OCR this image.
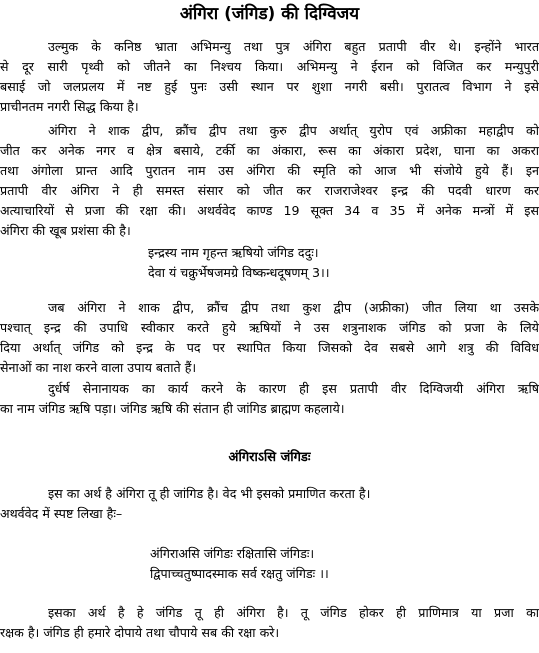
अंगिरा (जंगिड) की दिग्विजय
उल्मुक के कनिष्ठ भ्राता अभिमन्यु तथा पुत्र अंगिरा बहुत प्रतापी वीर थे। इन्होंने भारत
से दूर सारी पृथ्वी को जीतने का निश्चय किया। अभिमन्यु ने ईरान को विजित कर मन्युपुरी
बसाई जो जलप्रलय में नष्ट हुई पुनः उसी स्थान पर शुशा नगरी बसी। पुरातत्व विभाग ने इसे
प्राचीनतम नगरी सिद्ध किया है।
अंगिरा ने शाक द्वीप, क्रौंच द्वीप तथा कुरु द्वीप अर्थात् युरोप एवं अफ्रीका महाद्वीप को
जीत कर अनेक नगर व क्षेत्र बसाये, टर्की का अंकारा, रूस का अंकारा प्रदेश, घाना का अकरा
तथा अंगोला प्रान्त आदि पुरातन नाम उस अंगिरा की स्मृति को आज भी संजोये हुये हैं। इन
प्रतापी वीर अंगिरा ने ही समस्त संसार को जीत कर राजराजेश्वर इन्द्र की पदवी धारण कर
अत्याचारियों से प्रजा की रक्षा की। अथर्ववेद काण्ड 19 सूक्त 34 व 35 में अनेक मन्त्रों में इस
अंगिरा की खूब प्रशंसा की है।
इन्द्रस्य नाम गृहन्त ऋषियो जंगिड ददुः।
देवा यं चक्रुर्भेषजमग्रे विष्कन्धदूषणम् 3।।
जब अंगिरा ने शाक द्वीप, क्रौंच द्वीप तथा कुश द्वीप (अफ्रीका) जीत लिया था उसके
पश्चात् इन्द्र की उपाधि स्वीकार करते हुये ऋषियों ने उस शत्रुनाशक जंगिड को प्रजा के लिये
दिया अर्थात् जंगिड को इन्द्र के पद पर स्थापित किया जिसको देव सबसे आगे शत्रु की विविध
सेनाओं का नाश करने वाला उपाय बताते हैं।
दुर्धर्ष सेनानायक का कार्य करने के कारण ही इस प्रतापी वीर दिग्विजयी अंगिरा ऋषि
का नाम जंगिड ऋषि पड़ा। जंगिड ऋषि की संतान ही जांगिड ब्राह्मण कहलाये।
अंगिराऽसि जंगिडः
इस का अर्थ है अंगिरा तू ही जांगिड है। वेद भी इसको प्रमाणित करता है।
अथर्ववेद में स्पष्ट लिखा हैः–
अंगिराअसि जंगिडः रक्षितासि जंगिडः।
द्विपाच्चतुष्पादस्माक सर्व रक्षतु जंगिडः ।।
इसका अर्थ है हे जंगिड तू ही अंगिरा है। तू जंगिड होकर ही प्राणिमात्र या प्रजा का
रक्षक है। जंगिड ही हमारे दोपाये तथा चौपाये सब की रक्षा करे।
